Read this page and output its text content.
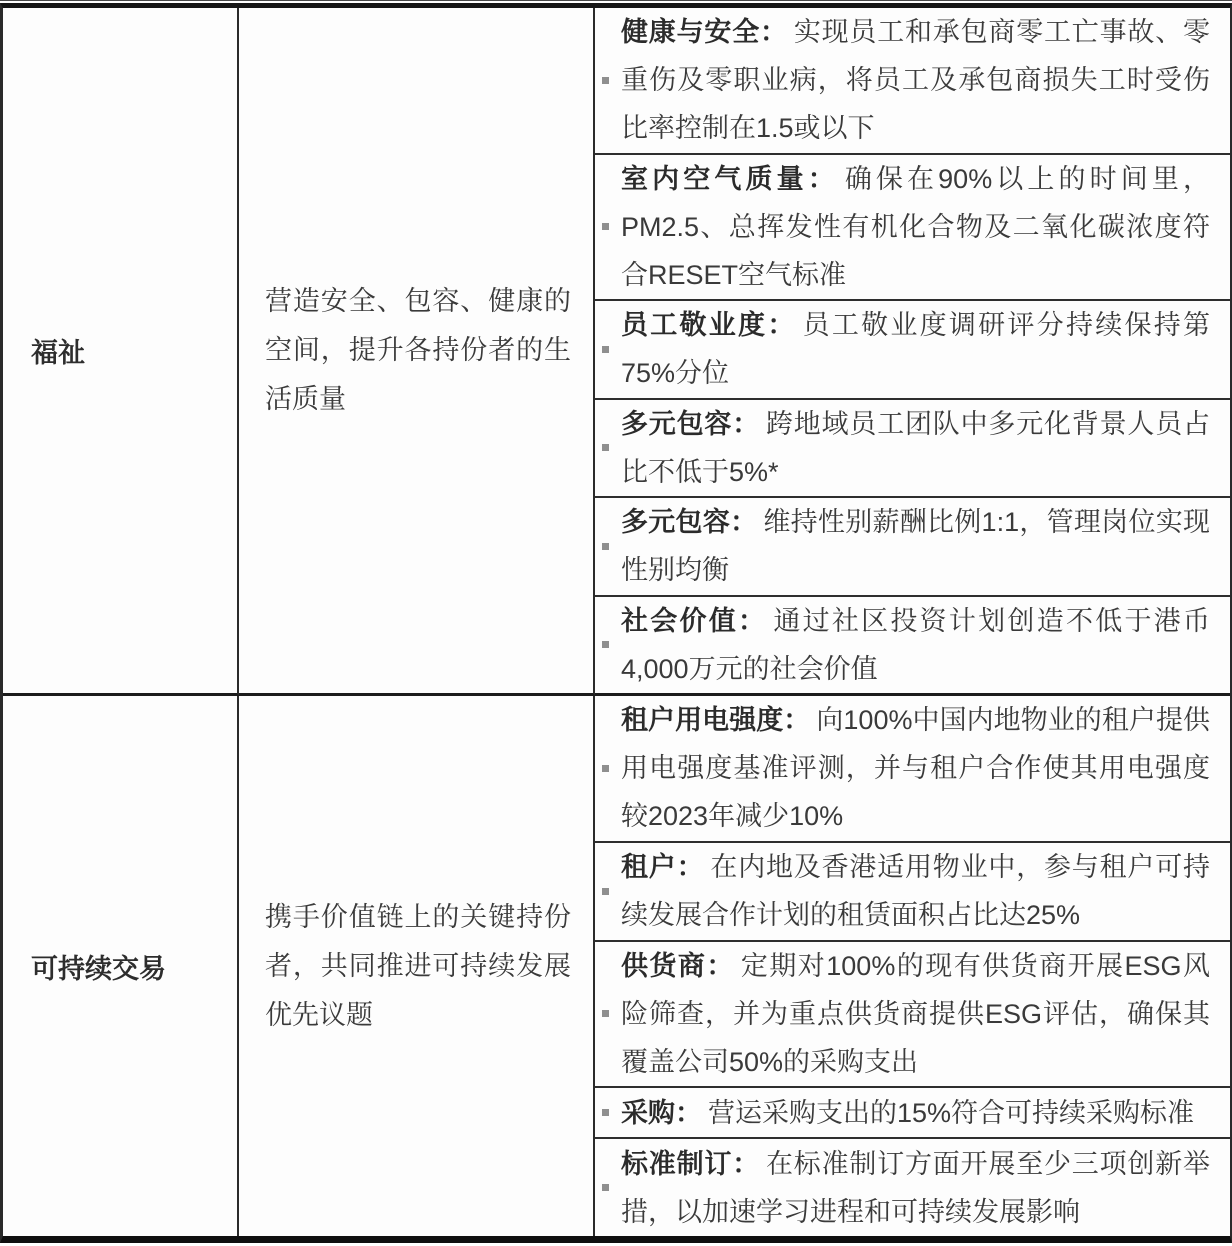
福祉
营造安全、包容、健康的空间，提升各持份者的生活质量
健康与安全： 实现员工和承包商零工亡事故、零重伤及零职业病，将员工及承包商损失工时受伤比率控制在1.5或以下
室内空气质量： 确保在90%以上的时间里，PM2.5、总挥发性有机化合物及二氧化碳浓度符合RESET空气标准
员工敬业度： 员工敬业度调研评分持续保持第75%分位
多元包容： 跨地域员工团队中多元化背景人员占比不低于5%*
多元包容： 维持性别薪酬比例1:1，管理岗位实现性别均衡
社会价值： 通过社区投资计划创造不低于港币4,000万元的社会价值
可持续交易
携手价值链上的关键持份者，共同推进可持续发展优先议题
租户用电强度： 向100%中国内地物业的租户提供用电强度基准评测，并与租户合作使其用电强度较2023年减少10%
租户： 在内地及香港适用物业中，参与租户可持续发展合作计划的租赁面积占比达25%
供货商： 定期对100%的现有供货商开展ESG风险筛查，并为重点供货商提供ESG评估，确保其覆盖公司50%的采购支出
采购： 营运采购支出的15%符合可持续采购标准
标准制订： 在标准制订方面开展至少三项创新举措，以加速学习进程和可持续发展影响
